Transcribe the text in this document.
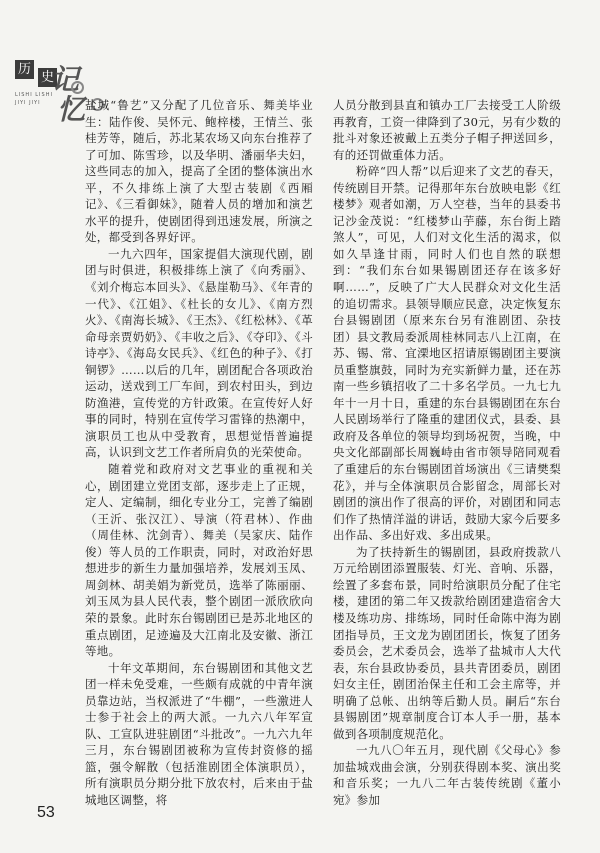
历
史
记
忆
LISHI LISHI
JIYI JIYI	盐城“鲁艺”又分配了几位音乐、舞美毕业生：陆作俊、吴怀元、鲍梓楼，王情兰、张桂芳等，随后，苏北某农场又向东台推荐了了可加、陈雪珍，以及华明、潘丽华夫妇，这些同志的加入，提高了全团的整体演出水平，不久排练上演了大型古装剧《西厢记》、《三看御妹》，随着人员的增加和演艺水平的提升，使剧团得到迅速发展，所演之处，都受到各界好评。

一九六四年，国家提倡大演现代剧，剧团与时俱进，积极排练上演了《向秀丽》、《刘介梅忘本回头》、《悬崖勒马》、《年青的一代》、《江姐》、《杜长的女儿》、《南方烈火》、《南海长城》、《王杰》、《红松林》、《革命母亲贾奶奶》、《丰收之后》、《夺印》、《斗诗亭》、《海岛女民兵》、《红色的种子》、《打铜锣》……以后的几年，剧团配合各项政治运动，送戏到工厂车间，到农村田头，到边防渔港，宣传党的方针政策。在宣传好人好事的同时，特别在宣传学习雷锋的热潮中，演职员工也从中受教育，思想觉悟普遍提高，认识到文艺工作者所肩负的光荣使命。

随着党和政府对文艺事业的重视和关心，剧团建立党团支部，逐步走上了正规，定人、定编制，细化专业分工，完善了编剧（王沂、张汉江）、导演（符君林）、作曲（周佳林、沈剑青）、舞美（吴家庆、陆作俊）等人员的工作职责，同时，对政治好思想进步的新生力量加强培养，发展刘玉凤、周剑林、胡美娟为新党员，选举了陈丽丽、刘玉凤为县人民代表，整个剧团一派欣欣向荣的景象。此时东台锡剧团已是苏北地区的重点剧团，足迹遍及大江南北及安徽、浙江等地。

十年文革期间，东台锡剧团和其他文艺团一样未免受难，一些颇有成就的中青年演员靠边站，当权派进了“牛棚”，一些激进人士参于社会上的两大派。一九六八年军宣队、工宣队进驻剧团“斗批改”。一九六九年三月，东台锡剧团被称为宣传封资修的摇篮，强令解散（包括淮剧团全体演职员），所有演职员分期分批下放农村，后来由于盐城地区调整，将

人员分散到县直和镇办工厂去接受工人阶级再教育，工资一律降到了30元，另有少数的批斗对象还被戴上五类分子帽子押送回乡，有的还罚做重体力活。

粉碎“四人帮”以后迎来了文艺的春天，传统剧目开禁。记得那年东台放映电影《红楼梦》观者如潮，万人空巷，当年的县委书记沙金茂说：“红楼梦山芋藤，东台街上踏煞人”，可见，人们对文化生活的渴求，似如久旱逢甘雨，同时人们也自然的联想到：“我们东台如果锡剧团还存在该多好啊……”，反映了广大人民群众对文化生活的追切需求。县领导顺应民意，决定恢复东台县锡剧团（原来东台另有淮剧团、杂技团）县文教局委派周桂林同志八上江南，在苏、锡、常、宜溧地区招请原锡剧团主要演员重整旗鼓，同时为充实新鲜力量，还在苏南一些乡镇招收了二十多名学员。一九七九年十一月十日，重建的东台县锡剧团在东台人民剧场举行了隆重的建团仪式，县委、县政府及各单位的领导均到场祝贺，当晚，中央文化部副部长周巍峙由省市领导陪同观看了重建后的东台锡剧团首场演出《三请樊梨花》，并与全体演职员合影留念，周部长对剧团的演出作了很高的评价，对剧团和同志们作了热情洋溢的讲话，鼓励大家今后要多出作品、多出好戏、多出成果。

为了扶持新生的锡剧团，县政府拨款八万元给剧团添置服装、灯光、音响、乐器，绘置了多套布景，同时给演职员分配了住宅楼，建团的第二年又拨款给剧团建造宿舍大楼及练功房、排练场，同时任命陈中海为剧团指导员，王文龙为剧团团长，恢复了团务委员会，艺术委员会，选举了盐城市人大代表，东台县政协委员，县共青团委员，剧团妇女主任，剧团治保主任和工会主席等，并明确了总帐、出纳等后勤人员。嗣后“东台县锡剧团”规章制度合订本人手一册，基本做到各项制度规范化。

一九八〇年五月，现代剧《父母心》参加盐城戏曲会演，分别获得剧本奖、演出奖和音乐奖；一九八二年古装传统剧《董小宛》参加

53
